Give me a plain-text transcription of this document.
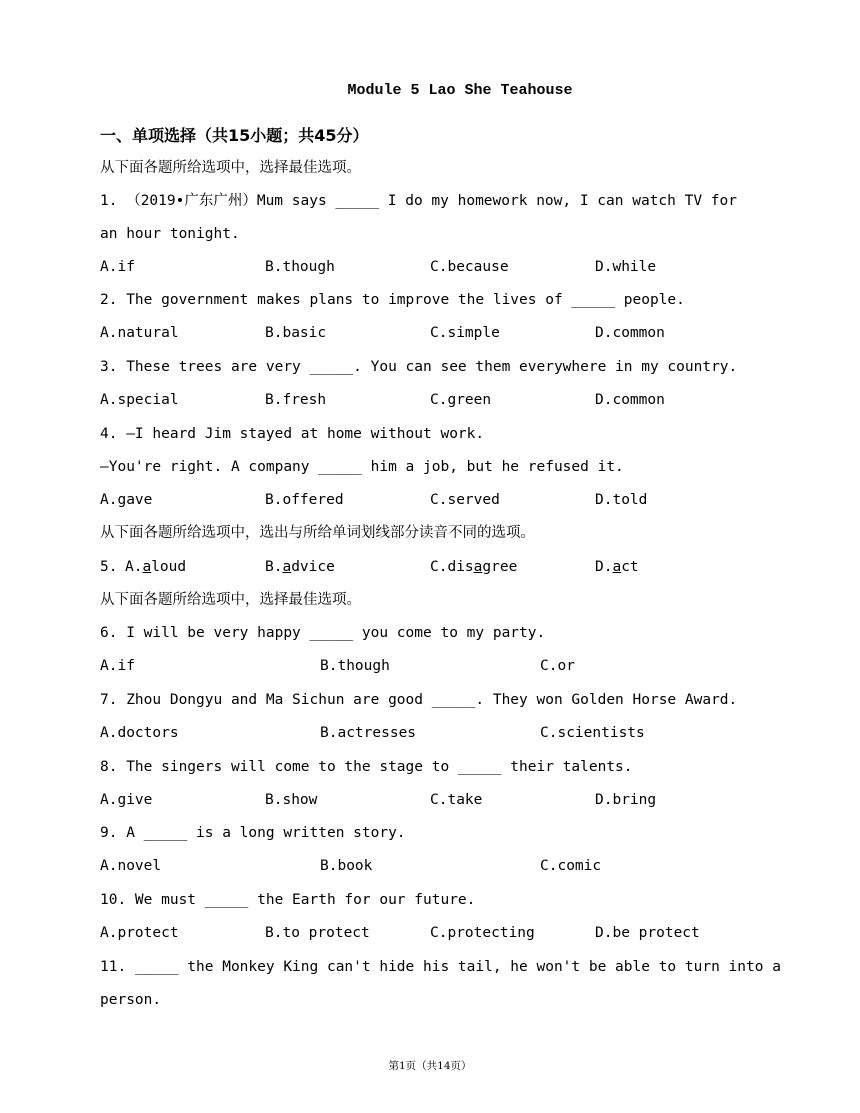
Module 5 Lao She Teahouse
一、单项选择（共15小题；共45分）
从下面各题所给选项中，选择最佳选项。
1. （2019•广东广州）Mum says _____ I do my homework now, I can watch TV for
an hour tonight.
A.if	B.though	C.because	D.while
2. The government makes plans to improve the lives of _____ people.
A.natural	B.basic	C.simple	D.common
3. These trees are very _____. You can see them everywhere in my country.
A.special	B.fresh	C.green	D.common
4. —I heard Jim stayed at home without work.
—You're right. A company _____ him a job, but he refused it.
A.gave	B.offered	C.served	D.told
从下面各题所给选项中，选出与所给单词划线部分读音不同的选项。
5. A.aloud	B.advice	C.disagree	D.act
从下面各题所给选项中，选择最佳选项。
6. I will be very happy _____ you come to my party.
A.if	B.though	C.or
7. Zhou Dongyu and Ma Sichun are good _____. They won Golden Horse Award.
A.doctors	B.actresses	C.scientists
8. The singers will come to the stage to _____ their talents.
A.give	B.show	C.take	D.bring
9. A _____ is a long written story.
A.novel	B.book	C.comic
10. We must _____ the Earth for our future.
A.protect	B.to protect	C.protecting	D.be protect
11. _____ the Monkey King can't hide his tail, he won't be able to turn into a
person.
第1页（共14页）
